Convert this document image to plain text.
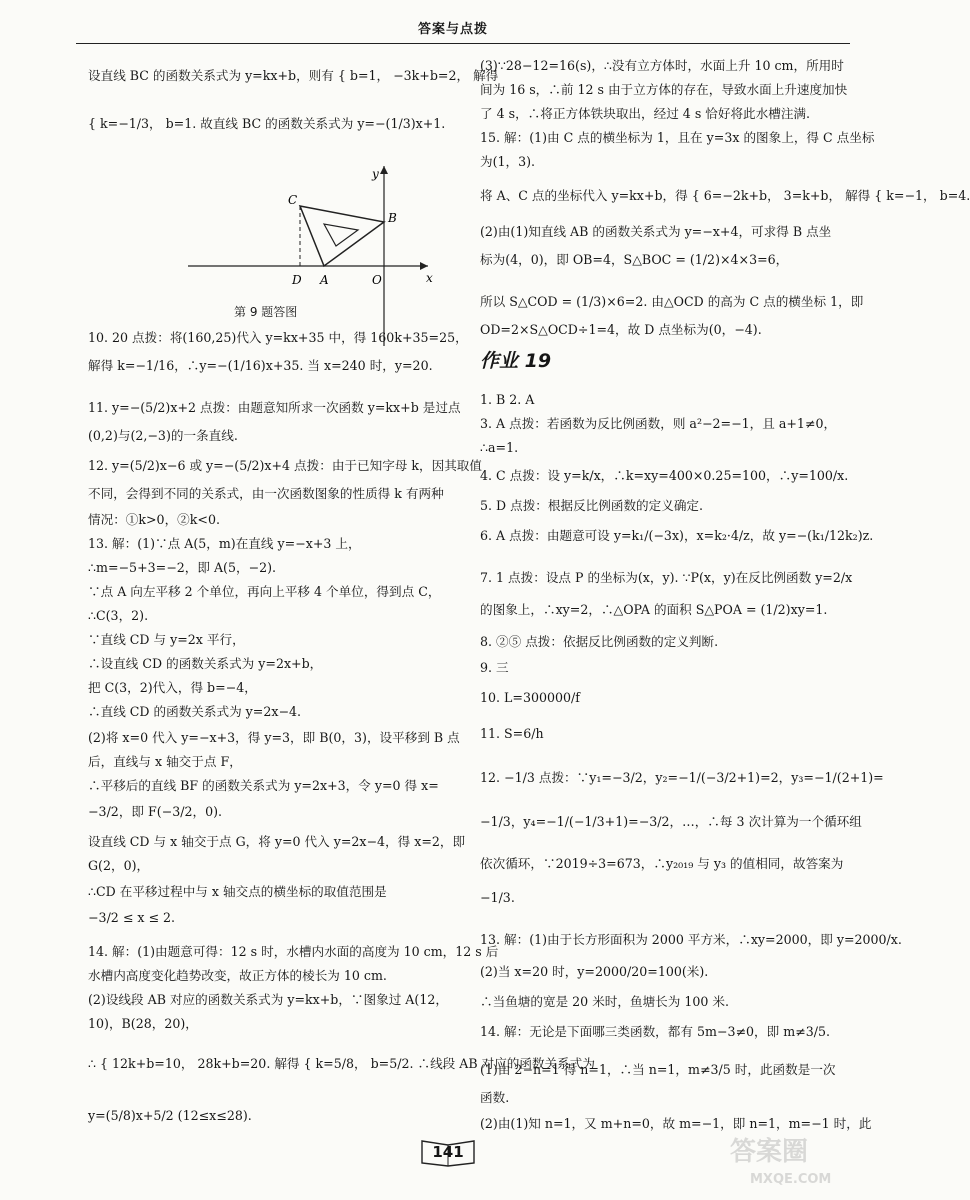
答案与点拨
设直线 BC 的函数关系式为 y=kx+b，则有 { b=1， −3k+b=2， 解得
{ k=−1/3， b=1. 故直线 BC 的函数关系式为 y=−(1/3)x+1.
C
B
D A	O	x
y
第 9 题答图
10. 20 点拨：将(160,25)代入 y=kx+35 中，得 160k+35=25，
解得 k=−1/16，∴y=−(1/16)x+35. 当 x=240 时，y=20.
11. y=−(5/2)x+2 点拨：由题意知所求一次函数 y=kx+b 是过点
(0,2)与(2,−3)的一条直线.
12. y=(5/2)x−6 或 y=−(5/2)x+4 点拨：由于已知字母 k，因其取值
不同，会得到不同的关系式，由一次函数图象的性质得 k 有两种
情况：①k>0，②k<0.
13. 解：(1)∵点 A(5，m)在直线 y=−x+3 上，
∴m=−5+3=−2，即 A(5，−2).
∵点 A 向左平移 2 个单位，再向上平移 4 个单位，得到点 C，
∴C(3，2).
∵直线 CD 与 y=2x 平行，
∴设直线 CD 的函数关系式为 y=2x+b，
把 C(3，2)代入，得 b=−4，
∴直线 CD 的函数关系式为 y=2x−4.
(2)将 x=0 代入 y=−x+3，得 y=3，即 B(0，3)，设平移到 B 点
后，直线与 x 轴交于点 F，
∴平移后的直线 BF 的函数关系式为 y=2x+3，令 y=0 得 x=
−3/2，即 F(−3/2，0).
设直线 CD 与 x 轴交于点 G，将 y=0 代入 y=2x−4，得 x=2，即
G(2，0)，
∴CD 在平移过程中与 x 轴交点的横坐标的取值范围是
−3/2 ≤ x ≤ 2.
14. 解：(1)由题意可得：12 s 时，水槽内水面的高度为 10 cm，12 s 后
水槽内高度变化趋势改变，故正方体的棱长为 10 cm.
(2)设线段 AB 对应的函数关系式为 y=kx+b，∵图象过 A(12，
10)，B(28，20)，
∴ { 12k+b=10， 28k+b=20. 解得 { k=5/8， b=5/2. ∴线段 AB 对应的函数关系式为
y=(5/8)x+5/2 (12≤x≤28).
(3)∵28−12=16(s)，∴没有立方体时，水面上升 10 cm，所用时
间为 16 s，∴前 12 s 由于立方体的存在，导致水面上升速度加快
了 4 s，∴将正方体铁块取出，经过 4 s 恰好将此水槽注满.
15. 解：(1)由 C 点的横坐标为 1，且在 y=3x 的图象上，得 C 点坐标
为(1，3).
将 A、C 点的坐标代入 y=kx+b，得 { 6=−2k+b， 3=k+b， 解得 { k=−1， b=4.
(2)由(1)知直线 AB 的函数关系式为 y=−x+4，可求得 B 点坐
标为(4，0)，即 OB=4，S△BOC = (1/2)×4×3=6，
所以 S△COD = (1/3)×6=2. 由△OCD 的高为 C 点的横坐标 1，即
OD=2×S△OCD÷1=4，故 D 点坐标为(0，−4).
作业 19
1. B 2. A
3. A 点拨：若函数为反比例函数，则 a²−2=−1，且 a+1≠0，
∴a=1.
4. C 点拨：设 y=k/x，∴k=xy=400×0.25=100，∴y=100/x.
5. D 点拨：根据反比例函数的定义确定.
6. A 点拨：由题意可设 y=k₁/(−3x)，x=k₂·4/z，故 y=−(k₁/12k₂)z.
7. 1 点拨：设点 P 的坐标为(x，y). ∵P(x，y)在反比例函数 y=2/x
的图象上，∴xy=2，∴△OPA 的面积 S△POA = (1/2)xy=1.
8. ②⑤ 点拨：依据反比例函数的定义判断.
9. 三
10. L=300000/f
11. S=6/h
12. −1/3 点拨：∵y₁=−3/2，y₂=−1/(−3/2+1)=2，y₃=−1/(2+1)=
−1/3，y₄=−1/(−1/3+1)=−3/2，…，∴每 3 次计算为一个循环组
依次循环，∵2019÷3=673，∴y₂₀₁₉ 与 y₃ 的值相同，故答案为
−1/3.
13. 解：(1)由于长方形面积为 2000 平方米，∴xy=2000，即 y=2000/x.
(2)当 x=20 时，y=2000/20=100(米).
∴当鱼塘的宽是 20 米时，鱼塘长为 100 米.
14. 解：无论是下面哪三类函数，都有 5m−3≠0，即 m≠3/5.
(1)由 2−n=1 得 n=1，∴当 n=1，m≠3/5 时，此函数是一次
函数.
(2)由(1)知 n=1，又 m+n=0，故 m=−1，即 n=1，m=−1 时，此
141	答案圈
MXQE.COM
